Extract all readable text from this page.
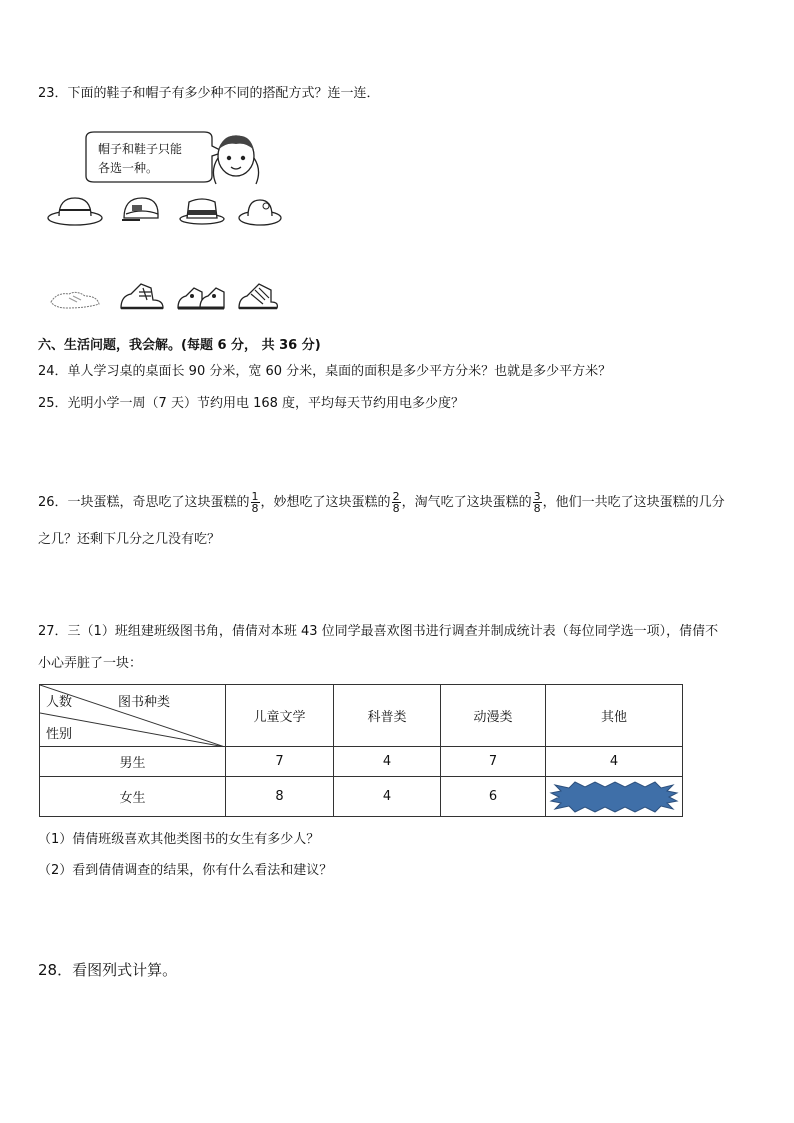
23．下面的鞋子和帽子有多少种不同的搭配方式？连一连．
帽子和鞋子只能
各选一种。
六、生活问题，我会解。(每题 6 分， 共 36 分)
24．单人学习桌的桌面长 90 分米，宽 60 分米，桌面的面积是多少平方分米？也就是多少平方米？
25．光明小学一周（7 天）节约用电 168 度，平均每天节约用电多少度？
26．一块蛋糕，奇思吃了这块蛋糕的 $\frac{1}{8}$ ，妙想吃了这块蛋糕的 $\frac{2}{8}$ ，淘气吃了这块蛋糕的 $\frac{3}{8}$ ，他们一共吃了这块蛋糕的几分
之几？还剩下几分之几没有吃？
27．三（1）班组建班级图书角，倩倩对本班 43 位同学最喜欢图书进行调查并制成统计表（每位同学选一项），倩倩不
小心弄脏了一块：
人数 图书种类
性别	儿童文学	科普类	动漫类	其他
男生	7	4	7	4
女生	8	4	6	
（1）倩倩班级喜欢其他类图书的女生有多少人？
（2）看到倩倩调查的结果，你有什么看法和建议？
28．看图列式计算。
